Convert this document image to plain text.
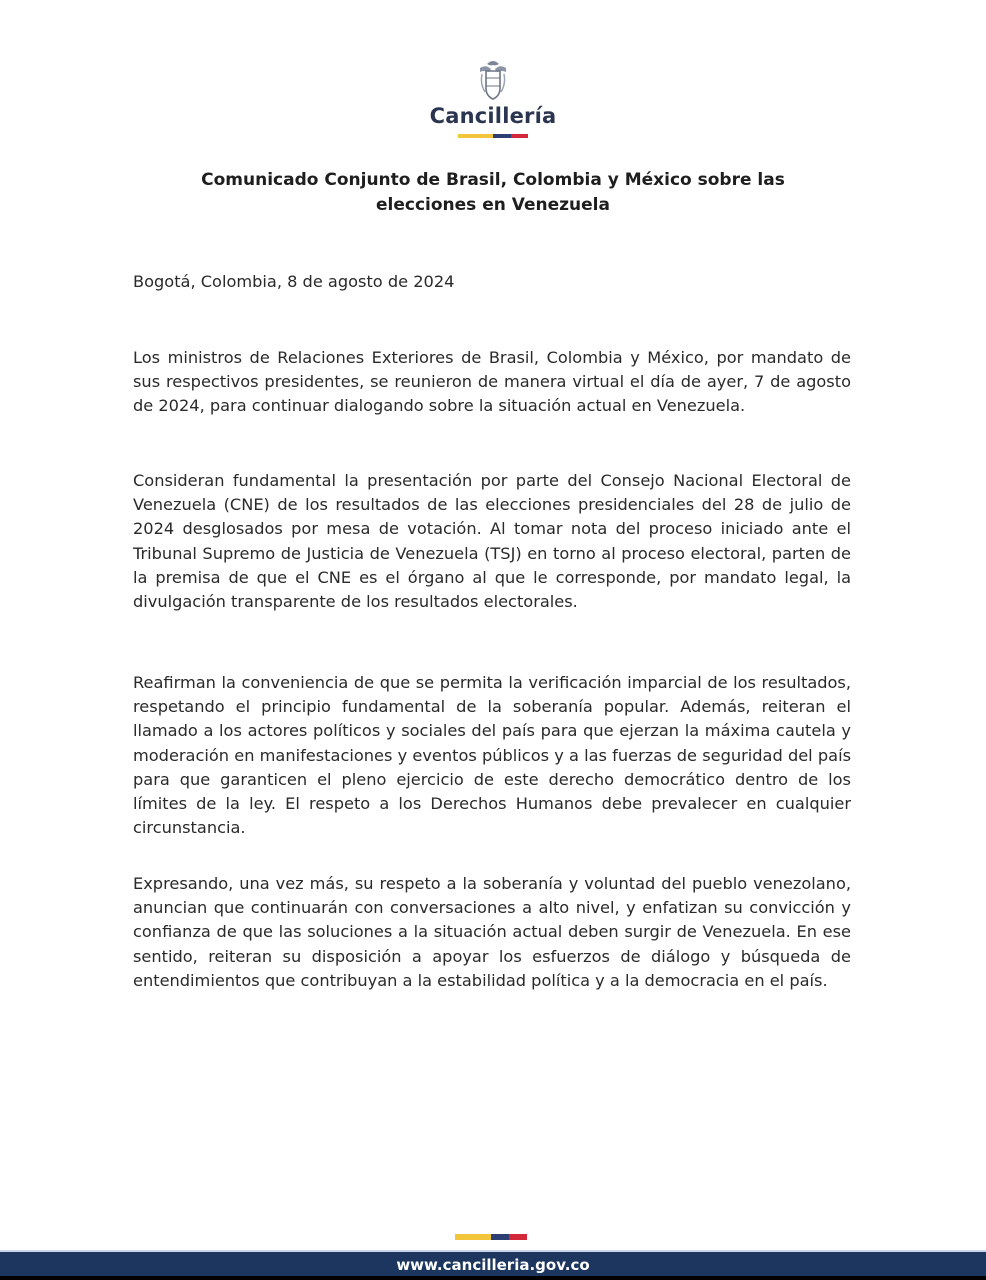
Cancillería
Comunicado Conjunto de Brasil, Colombia y México sobre las elecciones en Venezuela
Bogotá, Colombia, 8 de agosto de 2024

Los ministros de Relaciones Exteriores de Brasil, Colombia y México, por mandato de sus respectivos presidentes, se reunieron de manera virtual el día de ayer, 7 de agosto de 2024, para continuar dialogando sobre la situación actual en Venezuela.

Consideran fundamental la presentación por parte del Consejo Nacional Electoral de Venezuela (CNE) de los resultados de las elecciones presidenciales del 28 de julio de 2024 desglosados por mesa de votación. Al tomar nota del proceso iniciado ante el Tribunal Supremo de Justicia de Venezuela (TSJ) en torno al proceso electoral, parten de la premisa de que el CNE es el órgano al que le corresponde, por mandato legal, la divulgación transparente de los resultados electorales.

Reafirman la conveniencia de que se permita la verificación imparcial de los resultados, respetando el principio fundamental de la soberanía popular. Además, reiteran el llamado a los actores políticos y sociales del país para que ejerzan la máxima cautela y moderación en manifestaciones y eventos públicos y a las fuerzas de seguridad del país para que garanticen el pleno ejercicio de este derecho democrático dentro de los límites de la ley. El respeto a los Derechos Humanos debe prevalecer en cualquier circunstancia.

Expresando, una vez más, su respeto a la soberanía y voluntad del pueblo venezolano, anuncian que continuarán con conversaciones a alto nivel, y enfatizan su convicción y confianza de que las soluciones a la situación actual deben surgir de Venezuela. En ese sentido, reiteran su disposición a apoyar los esfuerzos de diálogo y búsqueda de entendimientos que contribuyan a la estabilidad política y a la democracia en el país.

www.cancilleria.gov.co
